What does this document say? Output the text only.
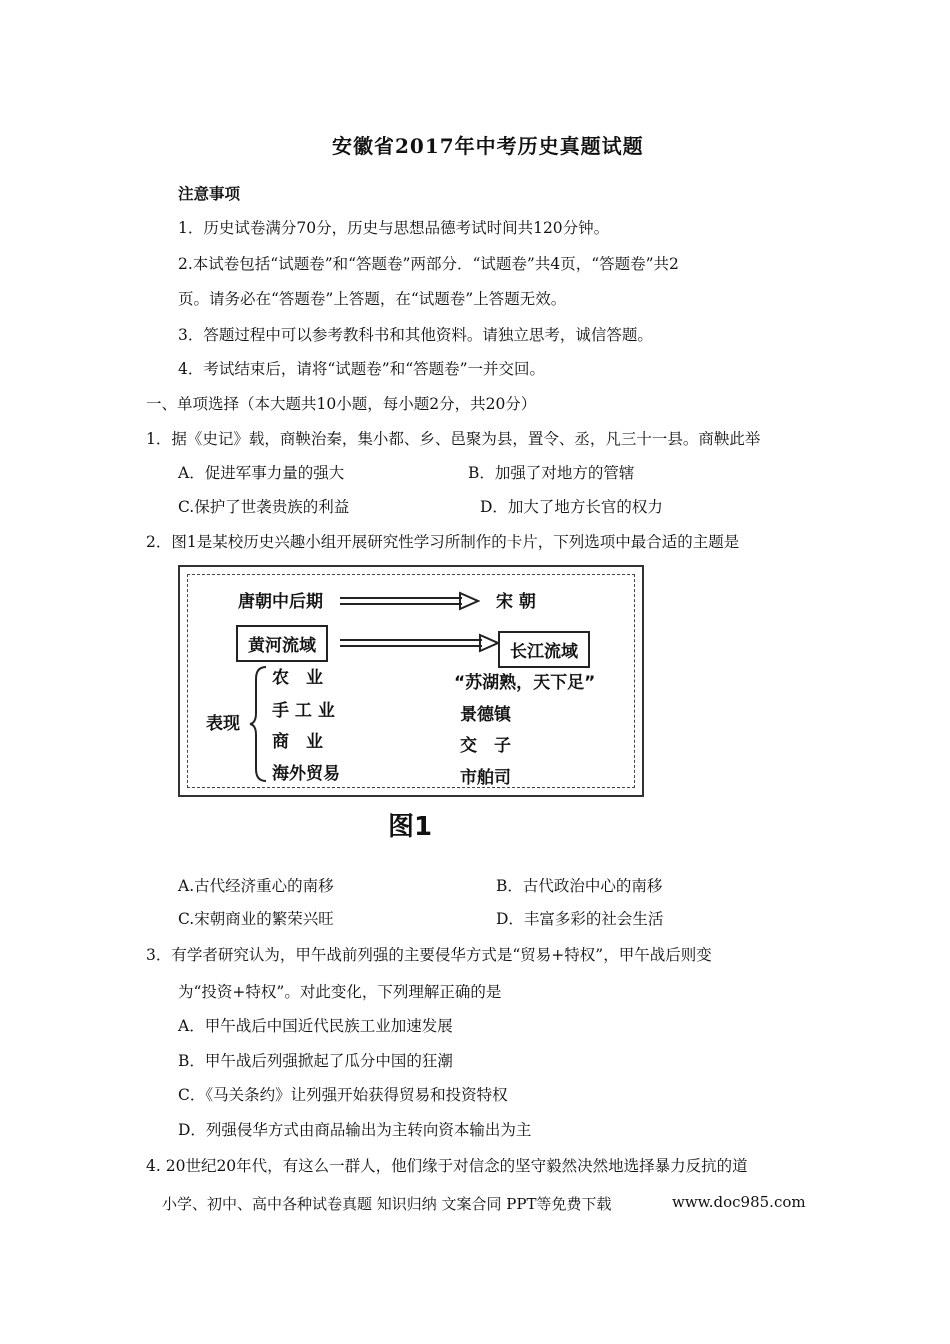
安徽省2017年中考历史真题试题
注意事项
1．历史试卷满分70分，历史与思想品德考试时间共120分钟。
2.本试卷包括“试题卷”和“答题卷”两部分．“试题卷”共4页，“答题卷”共2
页。请务必在“答题卷”上答题，在“试题卷”上答题无效。
3．答题过程中可以参考教科书和其他资料。请独立思考，诚信答题。
4．考试结束后，请将“试题卷”和“答题卷”一并交回。
一、单项选择（本大题共10小题，每小题2分，共20分）
1．据《史记》载，商鞅治秦，集小都、乡、邑聚为县，置令、丞，凡三十一县。商鞅此举
A．促进军事力量的强大	B．加强了对地方的管辖
C.保护了世袭贵族的利益	D．加大了地方长官的权力
2．图1是某校历史兴趣小组开展研究性学习所制作的卡片，下列选项中最合适的主题是
唐朝中后期	宋 朝
黄河流域	长江流域
表现
农　业	“苏湖熟，天下足”
手 工 业	景德镇
商　业	交　子
海外贸易	市舶司
图1
A.古代经济重心的南移	B．古代政治中心的南移
C.宋朝商业的繁荣兴旺	D．丰富多彩的社会生活
3．有学者研究认为，甲午战前列强的主要侵华方式是“贸易+特权”，甲午战后则变
为“投资+特权”。对此变化，下列理解正确的是
A．甲午战后中国近代民族工业加速发展
B．甲午战后列强掀起了瓜分中国的狂潮
C．《马关条约》让列强开始获得贸易和投资特权
D．列强侵华方式由商品输出为主转向资本输出为主
4. 20世纪20年代，有这么一群人，他们缘于对信念的坚守毅然决然地选择暴力反抗的道
小学、初中、高中各种试卷真题 知识归纳 文案合同 PPT等免费下载	www.doc985.com
